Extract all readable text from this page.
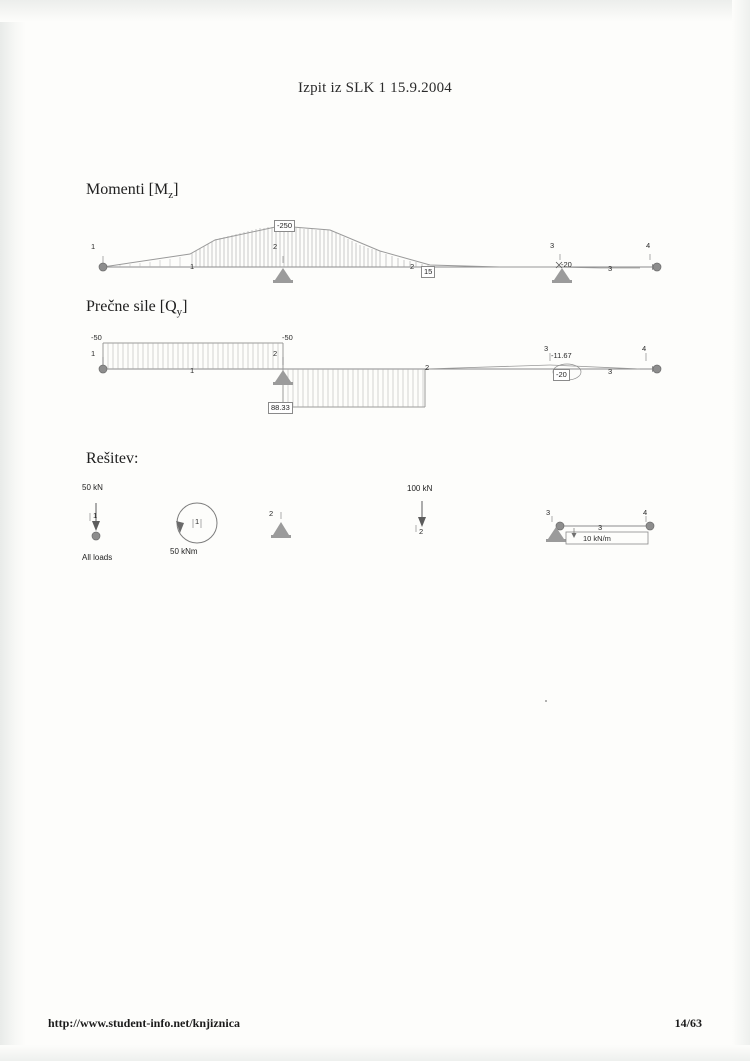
Izpit iz SLK 1 15.9.2004
Momenti $[M_z]$
1	2	3	4
1	2	3
-250
15
-20
Prečne sile $[Q_y]$
1	2
3	4
1	2	3
-50	-50
-11.67
88.33
-20
Rešitev:
50 kN
1
All loads
1
50 kNm
2
100 kN
2
3	4
3
10 kN/m
http://www.student-info.net/knjiznica	14/63
